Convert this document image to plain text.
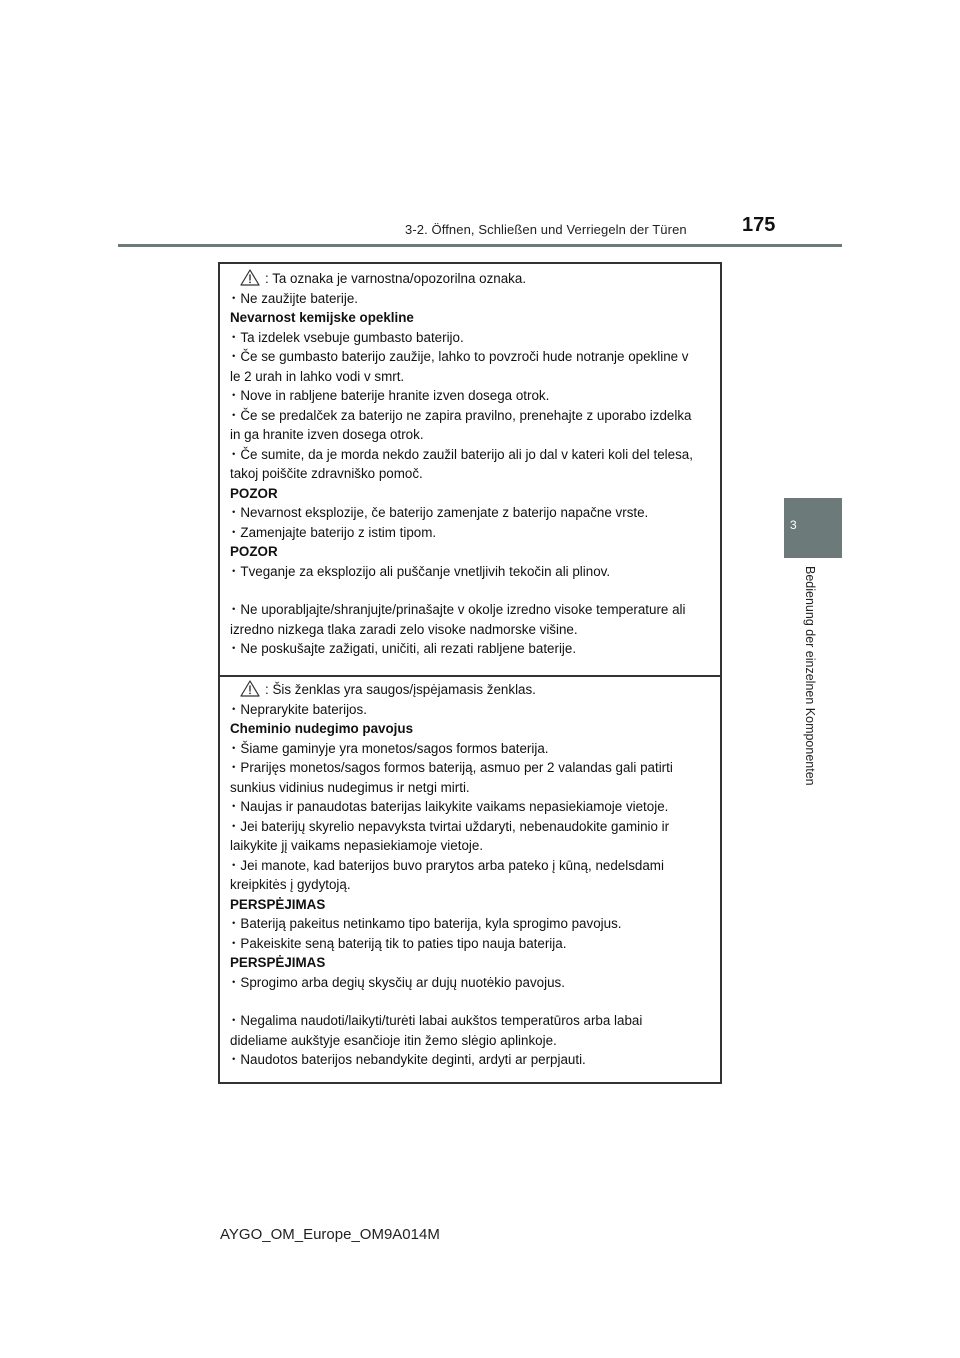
3-2. Öffnen, Schließen und Verriegeln der Türen	175
3
Bedienung der einzelnen Komponenten
: Ta oznaka je varnostna/opozorilna oznaka.
・ Ne zaužijte baterije.
Nevarnost kemijske opekline
・ Ta izdelek vsebuje gumbasto baterijo.
・ Če se gumbasto baterijo zaužije, lahko to povzroči hude notranje opekline v
le 2 urah in lahko vodi v smrt.
・ Nove in rabljene baterije hranite izven dosega otrok.
・ Če se predalček za baterijo ne zapira pravilno, prenehajte z uporabo izdelka
in ga hranite izven dosega otrok.
・ Če sumite, da je morda nekdo zaužil baterijo ali jo dal v kateri koli del telesa,
takoj poiščite zdravniško pomoč.
POZOR
・ Nevarnost eksplozije, če baterijo zamenjate z baterijo napačne vrste.
・ Zamenjajte baterijo z istim tipom.
POZOR
・ Tveganje za eksplozijo ali puščanje vnetljivih tekočin ali plinov.
・ Ne uporabljajte/shranjujte/prinašajte v okolje izredno visoke temperature ali
izredno nizkega tlaka zaradi zelo visoke nadmorske višine.
・ Ne poskušajte zažigati, uničiti, ali rezati rabljene baterije.
: Šis ženklas yra saugos/įspėjamasis ženklas.
・ Neprarykite baterijos.
Cheminio nudegimo pavojus
・ Šiame gaminyje yra monetos/sagos formos baterija.
・ Prarijęs monetos/sagos formos bateriją, asmuo per 2 valandas gali patirti
sunkius vidinius nudegimus ir netgi mirti.
・ Naujas ir panaudotas baterijas laikykite vaikams nepasiekiamoje vietoje.
・ Jei baterijų skyrelio nepavyksta tvirtai uždaryti, nebenaudokite gaminio ir
laikykite jį vaikams nepasiekiamoje vietoje.
・ Jei manote, kad baterijos buvo prarytos arba pateko į kūną, nedelsdami
kreipkitės į gydytoją.
PERSPĖJIMAS
・ Bateriją pakeitus netinkamo tipo baterija, kyla sprogimo pavojus.
・ Pakeiskite seną bateriją tik to paties tipo nauja baterija.
PERSPĖJIMAS
・ Sprogimo arba degių skysčių ar dujų nuotėkio pavojus.
・ Negalima naudoti/laikyti/turėti labai aukštos temperatūros arba labai
dideliame aukštyje esančioje itin žemo slėgio aplinkoje.
・ Naudotos baterijos nebandykite deginti, ardyti ar perpjauti.
AYGO_OM_Europe_OM9A014M
